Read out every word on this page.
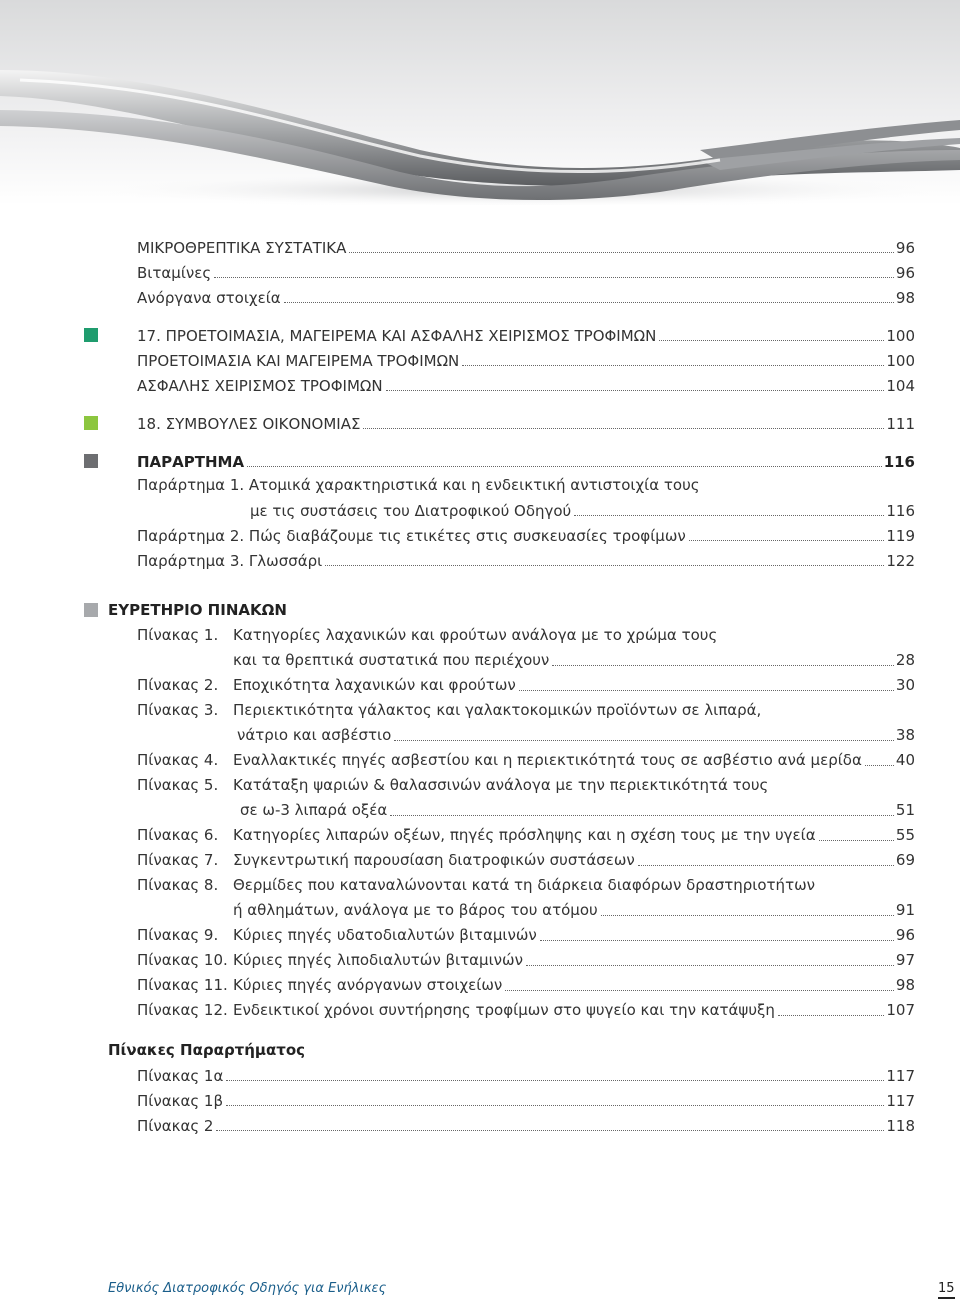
ΜΙΚΡΟΘΡΕΠΤΙΚΑ ΣΥΣΤΑΤΙΚΑ	96
Βιταμίνες	96
Ανόργανα στοιχεία	98
17. ΠΡΟΕΤΟΙΜΑΣΙΑ, ΜΑΓΕΙΡΕΜΑ ΚΑΙ ΑΣΦΑΛΗΣ ΧΕΙΡΙΣΜΟΣ ΤΡΟΦΙΜΩΝ	100
ΠΡΟΕΤΟΙΜΑΣΙΑ ΚΑΙ ΜΑΓΕΙΡΕΜΑ ΤΡΟΦΙΜΩΝ	100
ΑΣΦΑΛΗΣ ΧΕΙΡΙΣΜΟΣ ΤΡΟΦΙΜΩΝ	104
18. ΣΥΜΒΟΥΛΕΣ ΟΙΚΟΝΟΜΙΑΣ	111
ΠΑΡΑΡΤΗΜΑ	116
Παράρτημα 1. Ατομικά χαρακτηριστικά και η ενδεικτική αντιστοιχία τους
με τις συστάσεις του Διατροφικού Οδηγού	116
Παράρτημα 2. Πώς διαβάζουμε τις ετικέτες στις συσκευασίες τροφίμων	119
Παράρτημα 3. Γλωσσάρι	122
ΕΥΡΕΤΗΡΙΟ ΠΙΝΑΚΩΝ
Πίνακας 1. Κατηγορίες λαχανικών και φρούτων ανάλογα με το χρώμα τους
και τα θρεπτικά συστατικά που περιέχουν	28
Πίνακας 2. Εποχικότητα λαχανικών και φρούτων	30
Πίνακας 3. Περιεκτικότητα γάλακτος και γαλακτοκομικών προϊόντων σε λιπαρά,
νάτριο και ασβέστιο	38
Πίνακας 4. Εναλλακτικές πηγές ασβεστίου και η περιεκτικότητά τους σε ασβέστιο ανά μερίδα 40
Πίνακας 5. Κατάταξη ψαριών & θαλασσινών ανάλογα με την περιεκτικότητά τους
σε ω-3 λιπαρά οξέα	51
Πίνακας 6. Κατηγορίες λιπαρών οξέων, πηγές πρόσληψης και η σχέση τους με την υγεία	55
Πίνακας 7. Συγκεντρωτική παρουσίαση διατροφικών συστάσεων	69
Πίνακας 8. Θερμίδες που καταναλώνονται κατά τη διάρκεια διαφόρων δραστηριοτήτων
ή αθλημάτων, ανάλογα με το βάρος του ατόμου	91
Πίνακας 9. Κύριες πηγές υδατοδιαλυτών βιταμινών	96
Πίνακας 10. Κύριες πηγές λιποδιαλυτών βιταμινών	97
Πίνακας 11. Κύριες πηγές ανόργανων στοιχείων	98
Πίνακας 12. Ενδεικτικοί χρόνοι συντήρησης τροφίμων στο ψυγείο και την κατάψυξη	107
Πίνακες Παραρτήματος
Πίνακας 1α	117
Πίνακας 1β	117
Πίνακας 2	118
Εθνικός Διατροφικός Οδηγός για Ενήλικες	15
